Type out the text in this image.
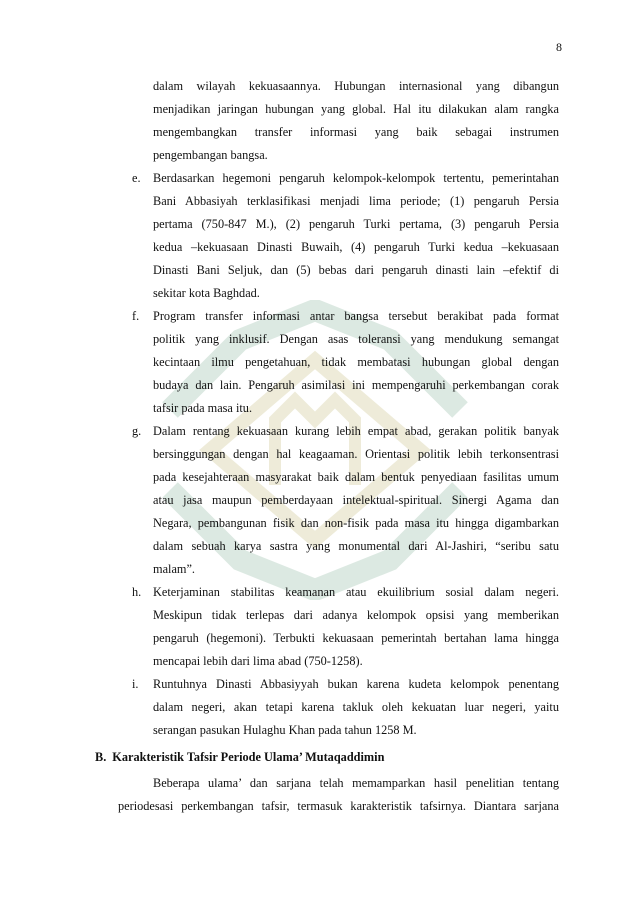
8
dalam wilayah kekuasaannya. Hubungan internasional yang dibangun
menjadikan jaringan hubungan yang global. Hal itu dilakukan alam rangka
mengembangkan transfer informasi yang baik sebagai instrumen
pengembangan bangsa.
e. Berdasarkan hegemoni pengaruh kelompok-kelompok tertentu, pemerintahan
Bani Abbasiyah terklasifikasi menjadi lima periode; (1) pengaruh Persia
pertama (750-847 M.), (2) pengaruh Turki pertama, (3) pengaruh Persia
kedua –kekuasaan Dinasti Buwaih, (4) pengaruh Turki kedua –kekuasaan
Dinasti Bani Seljuk, dan (5) bebas dari pengaruh dinasti lain –efektif di
sekitar kota Baghdad.
f. Program transfer informasi antar bangsa tersebut berakibat pada format
politik yang inklusif. Dengan asas toleransi yang mendukung semangat
kecintaan ilmu pengetahuan, tidak membatasi hubungan global dengan
budaya dan lain. Pengaruh asimilasi ini mempengaruhi perkembangan corak
tafsir pada masa itu.
g. Dalam rentang kekuasaan kurang lebih empat abad, gerakan politik banyak
bersinggungan dengan hal keagaaman. Orientasi politik lebih terkonsentrasi
pada kesejahteraan masyarakat baik dalam bentuk penyediaan fasilitas umum
atau jasa maupun pemberdayaan intelektual-spiritual. Sinergi Agama dan
Negara, pembangunan fisik dan non-fisik pada masa itu hingga digambarkan
dalam sebuah karya sastra yang monumental dari Al-Jashiri, “seribu satu
malam”.
h. Keterjaminan stabilitas keamanan atau ekuilibrium sosial dalam negeri.
Meskipun tidak terlepas dari adanya kelompok opsisi yang memberikan
pengaruh (hegemoni). Terbukti kekuasaan pemerintah bertahan lama hingga
mencapai lebih dari lima abad (750-1258).
i. Runtuhnya Dinasti Abbasiyyah bukan karena kudeta kelompok penentang
dalam negeri, akan tetapi karena takluk oleh kekuatan luar negeri, yaitu
serangan pasukan Hulaghu Khan pada tahun 1258 M.
B. Karakteristik Tafsir Periode Ulama’ Mutaqaddimin
Beberapa ulama’ dan sarjana telah memamparkan hasil penelitian tentang
periodesasi perkembangan tafsir, termasuk karakteristik tafsirnya. Diantara sarjana
